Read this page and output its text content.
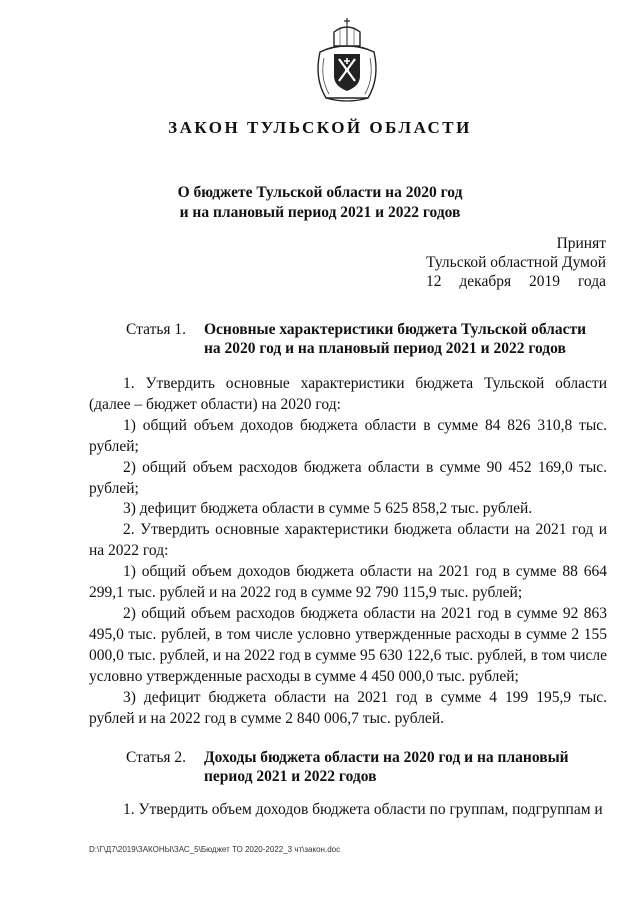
ЗАКОН ТУЛЬСКОЙ ОБЛАСТИ
О бюджете Тульской области на 2020 год
и на плановый период 2021 и 2022 годов
Принят
Тульской областной Думой
12 декабря 2019 года
Статья 1. Основные характеристики бюджета Тульской области
на 2020 год и на плановый период 2021 и 2022 годов

1. Утвердить основные характеристики бюджета Тульской области (далее – бюджет области) на 2020 год:

1) общий объем доходов бюджета области в сумме 84 826 310,8 тыс. рублей;

2) общий объем расходов бюджета области в сумме 90 452 169,0 тыс. рублей;

3) дефицит бюджета области в сумме 5 625 858,2 тыс. рублей.

2. Утвердить основные характеристики бюджета области на 2021 год и на 2022 год:

1) общий объем доходов бюджета области на 2021 год в сумме 88 664 299,1 тыс. рублей и на 2022 год в сумме 92 790 115,9 тыс. рублей;

2) общий объем расходов бюджета области на 2021 год в сумме 92 863 495,0 тыс. рублей, в том числе условно утвержденные расходы в сумме 2 155 000,0 тыс. рублей, и на 2022 год в сумме 95 630 122,6 тыс. рублей, в том числе условно утвержденные расходы в сумме 4 450 000,0 тыс. рублей;

3) дефицит бюджета области на 2021 год в сумме 4 199 195,9 тыс. рублей и на 2022 год в сумме 2 840 006,7 тыс. рублей.

Статья 2. Доходы бюджета области на 2020 год и на плановый
период 2021 и 2022 годов

1. Утвердить объем доходов бюджета области по группам, подгруппам и

D:\Г\Д7\2019\ЗАКОНЫ\ЗАС_5\Бюджет ТО 2020-2022_3 чт\закон.doc
